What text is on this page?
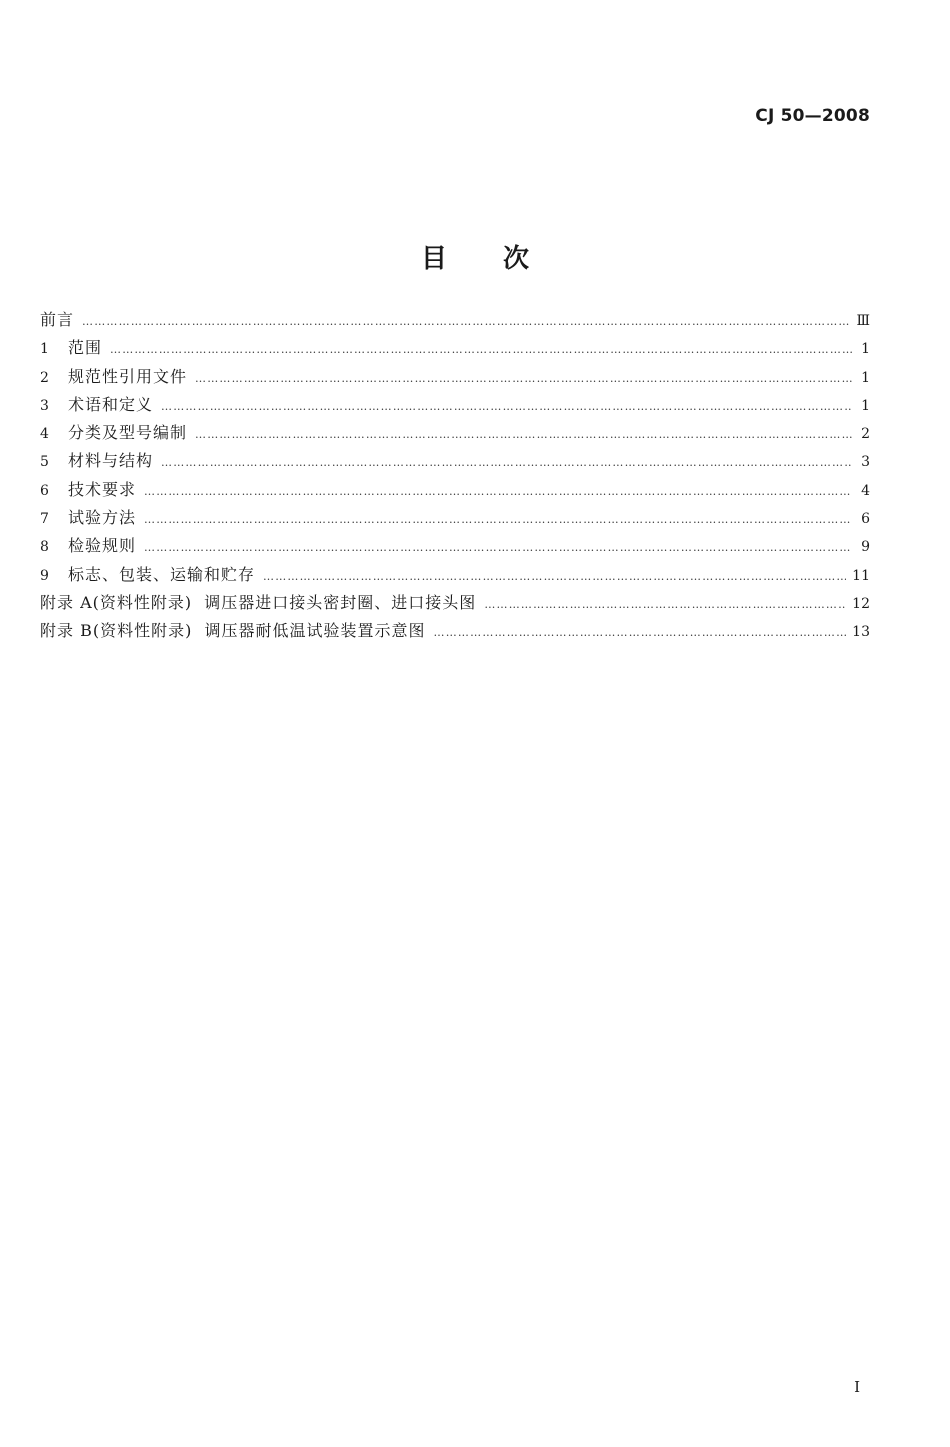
CJ 50—2008
目次
前言 …………………………………………………………………………………………………………………………………………………………………………………………………………	Ⅲ
1	范围 …………………………………………………………………………………………………………………………………………………………………………………………………………	1
2	规范性引用文件 …………………………………………………………………………………………………………………………………………………………………………………………………………	1
3	术语和定义 …………………………………………………………………………………………………………………………………………………………………………………………………………	1
4	分类及型号编制 …………………………………………………………………………………………………………………………………………………………………………………………………………	2
5	材料与结构 …………………………………………………………………………………………………………………………………………………………………………………………………………	3
6	技术要求 …………………………………………………………………………………………………………………………………………………………………………………………………………	4
7	试验方法 …………………………………………………………………………………………………………………………………………………………………………………………………………	6
8	检验规则 …………………………………………………………………………………………………………………………………………………………………………………………………………	9
9	标志、包装、运输和贮存 …………………………………………………………………………………………………………………………………………………………………………………………………………	11
附录 A(资料性附录)  调压器进口接头密封圈、进口接头图 …………………………………………………………………………………………………………………………………………………………………………………………………………	12
附录 B(资料性附录)  调压器耐低温试验装置示意图 …………………………………………………………………………………………………………………………………………………………………………………………………………	13
I
